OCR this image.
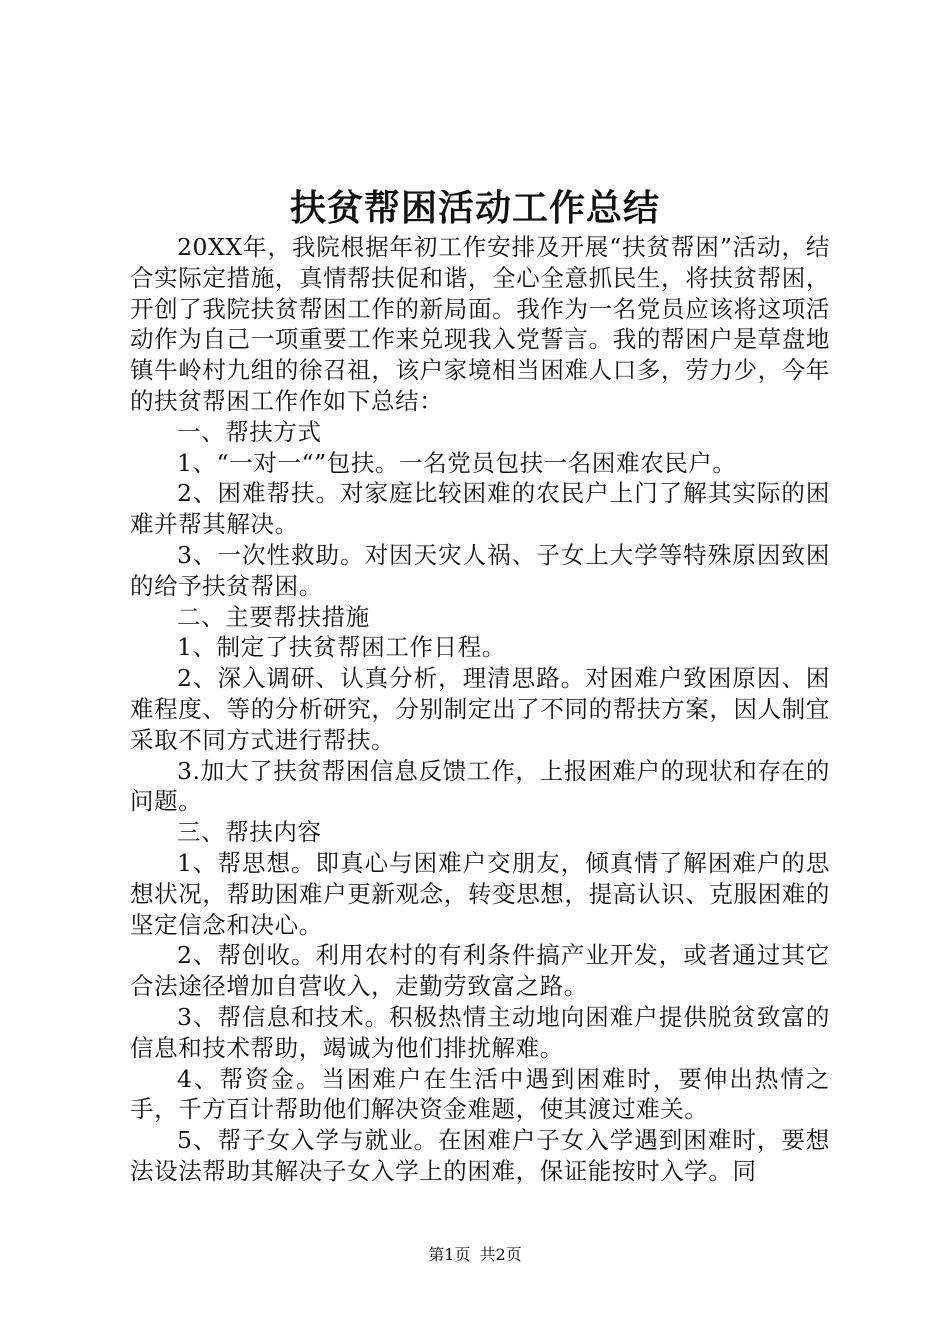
扶贫帮困活动工作总结

20XX年，我院根据年初工作安排及开展“扶贫帮困”活动，结合实际定措施，真情帮扶促和谐，全心全意抓民生，将扶贫帮困，开创了我院扶贫帮困工作的新局面。我作为一名党员应该将这项活动作为自己一项重要工作来兑现我入党誓言。我的帮困户是草盘地镇牛岭村九组的徐召祖，该户家境相当困难人口多，劳力少，今年的扶贫帮困工作作如下总结：

一、帮扶方式

1、“一对一“”包扶。一名党员包扶一名困难农民户。

2、困难帮扶。对家庭比较困难的农民户上门了解其实际的困难并帮其解决。

3、一次性救助。对因天灾人祸、子女上大学等特殊原因致困的给予扶贫帮困。

二、主要帮扶措施

1、制定了扶贫帮困工作日程。

2、深入调研、认真分析，理清思路。对困难户致困原因、困难程度、等的分析研究，分别制定出了不同的帮扶方案，因人制宜采取不同方式进行帮扶。

3.加大了扶贫帮困信息反馈工作，上报困难户的现状和存在的问题。

三、帮扶内容

1、帮思想。即真心与困难户交朋友，倾真情了解困难户的思想状况，帮助困难户更新观念，转变思想，提高认识、克服困难的坚定信念和决心。

2、帮创收。利用农村的有利条件搞产业开发，或者通过其它合法途径增加自营收入，走勤劳致富之路。

3、帮信息和技术。积极热情主动地向困难户提供脱贫致富的信息和技术帮助，竭诚为他们排扰解难。

4、帮资金。当困难户在生活中遇到困难时，要伸出热情之手，千方百计帮助他们解决资金难题，使其渡过难关。

5、帮子女入学与就业。在困难户子女入学遇到困难时，要想法设法帮助其解决子女入学上的困难，保证能按时入学。同

第1页 共2页
